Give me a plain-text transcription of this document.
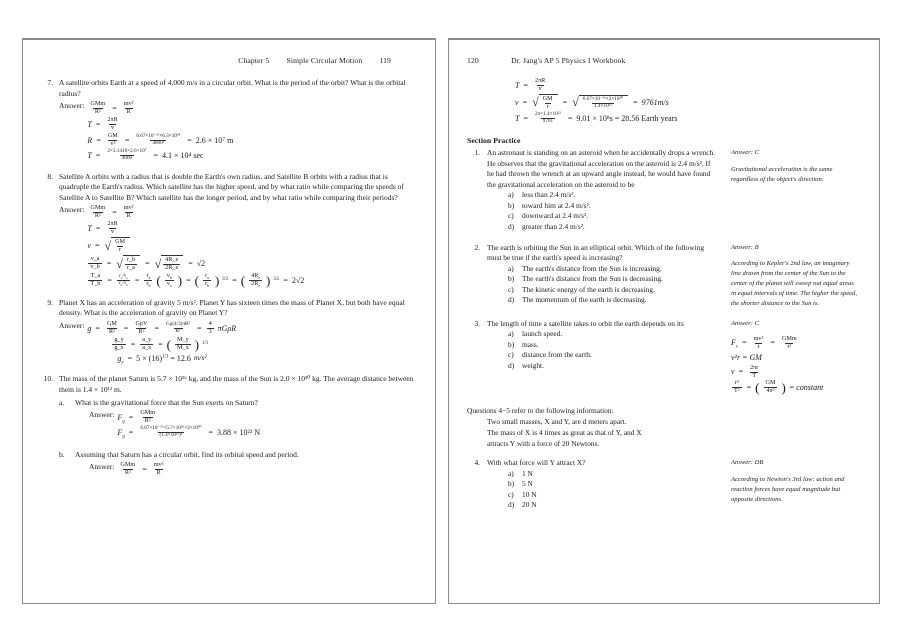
Chapter 5 Simple Circular Motion 119
7. A satellite orbits Earth at a speed of 4,000 m/s in a circular orbit. What is the period of the orbit? What is the orbital radius?

Answer: $\frac{\text{GMm}}{\text{R²}} = \frac{\text{mv²}}{R}$
$T = \frac{2\pi R}{v}$
$R = \frac{GM}{\text{v²}} = \frac{\text{6.67×10⁻¹¹×6.3×10²⁴}}{\text{4000²}} = 2.6 \times 10^7$ m
$T = \frac{\text{2×3.1416×2.6×10⁷}}{4000} = 4.1 \times 10^4$ sec
8. Satellite A orbits with a radius that is double the Earth's own radius, and Satellite B orbits with a radius that is quadruple the Earth's radius. Which satellite has the higher speed, and by what ratio while comparing the speeds of Satellite A to Satellite B? Which satellite has the longer period, and by what ratio while comparing their periods?

Answer: $\frac{\text{GMm}}{\text{R²}} = \frac{\text{mv²}}{R}$
$T = \frac{2\pi R}{v}$
v = √ $\frac{GM}{r}$
$\frac{v\_a}{v\_b}$ = √ $\frac{r\_b}{r\_a}$ = √ $\frac{4R\_e}{2R\_e} = √2$
$\frac{T\_a}{T\_b} = \frac{r_a/v_a}{r_b/v_b} = \frac{r_a}{r_b}$ ( $\frac{v_b}{v_a}$ ) = ( $\frac{r_a}{r_b}$ ) 3/2 = ( $\frac{4R_e}{2R_e}$ ) 3/2 = 2√2
9. Planet X has an acceleration of gravity 5 m/s². Planet Y has sixteen times the mass of Planet X, but both have equal density. What is the acceleration of gravity on Planet Y?

Answer: $g = \frac{GM}{\text{R²}} = \frac{\text{GρV}}{\text{R²}} = \frac{\text{Gρ(4/3)πR³}}{\text{R²}} = \frac{4}{3}$ πGρR
$\frac{g\_y}{g\_x} = \frac{a\_y}{a\_x}$ = ( $\frac{M\_y}{M\_x}$ ) 1/3
$g_y$
= $5 \times (16)^{1/3} = 12.6$ m/s²
10. The mass of the planet Saturn is 5.7 × 10²⁶ kg, and the mass of the Sun is 2.0 × 10³⁰ kg. The average distance between them is 1.4 × 10¹² m.

a.	What is the gravitational force that the Sun exerts on Saturn?
Answer: $F_g$
= $\frac{\text{GMm}}{\text{R²}}$
$F_g$
= $\frac{\text{6.67×10⁻¹¹×5.7×10²⁶×2×10³⁰}}{\text{(1.4×10¹²)²}} = 3.88 \times 10^{22}$ N
b.	Assuming that Saturn has a circular orbit, find its orbital speed and period.
Answer: $\frac{\text{GMm}}{\text{R²}} = \frac{\text{mv²}}{R}$
120	Dr. Jang's AP 5 Physics I Workbook
$T = \frac{2\pi R}{v}$
v = √ $\frac{GM}{r}$ = √ $\frac{\text{6.67×10⁻¹¹×2×10³⁰}}{\text{1.4×10¹²}} = 9761m/s$
$T = \frac{\text{2π×1.4×10¹²}}{9761} = 9.01 \times 10^8s = 28.56$ Earth years
Section Practice
1. An astronaut is standing on an asteroid when he accidentally drops a wrench. He observes that the gravitational acceleration on the asteroid is 2.4 m/s². If he had thrown the wrench at an upward angle instead, he would have found the gravitational acceleration on the asteroid to be

a)	less than 2.4 m/s².
b)	toward him at 2.4 m/s².
c)	downward at 2.4 m/s².
d)	greater than 2.4 m/s².
Answer: C
Gravitational acceleration is the same regardless of the object's direction.
2. The earth is orbiting the Sun in an elliptical orbit. Which of the following must be true if the earth's speed is increasing?

a)	The earth's distance from the Sun is increasing.
b)	The earth's distance from the Sun is decreasing.
c)	The kinetic energy of the earth is decreasing.
d)	The momentum of the earth is decreasing.
Answer: B
According to Kepler's 2nd law, an imaginary line drawn from the center of the Sun to the center of the planet will sweep out equal areas in equal intervals of time. The higher the speed, the shorter distance to the Sun is.
3. The length of time a satellite takes to orbit the earth depends on its

a)	launch speed.
b)	mass.
c)	distance from the earth.
d)	weight.
Answer: C
$F_c$
= $\frac{\text{mv²}}{r} = \frac{\text{GMm}}{\text{r²}}$
v²r = GM
$v = \frac{2\pi r}{T}$
$\frac{\text{r³}}{\text{T²}}$ = ( $\frac{GM}{\text{4π²}}$ ) = constant
Questions 4−5 refer to the following information:
Two small masses, X and Y, are d meters apart.
The mass of X is 4 times as great as that of Y, and X
attracts Y with a force of 20 Newtons.
4. With what force will Y attract X?

a)	1 N
b)	5 N
c)	10 N
d)	20 N
Answer: DB
According to Newton's 3rd law: action and reaction forces have equal magnitude but opposite directions.
